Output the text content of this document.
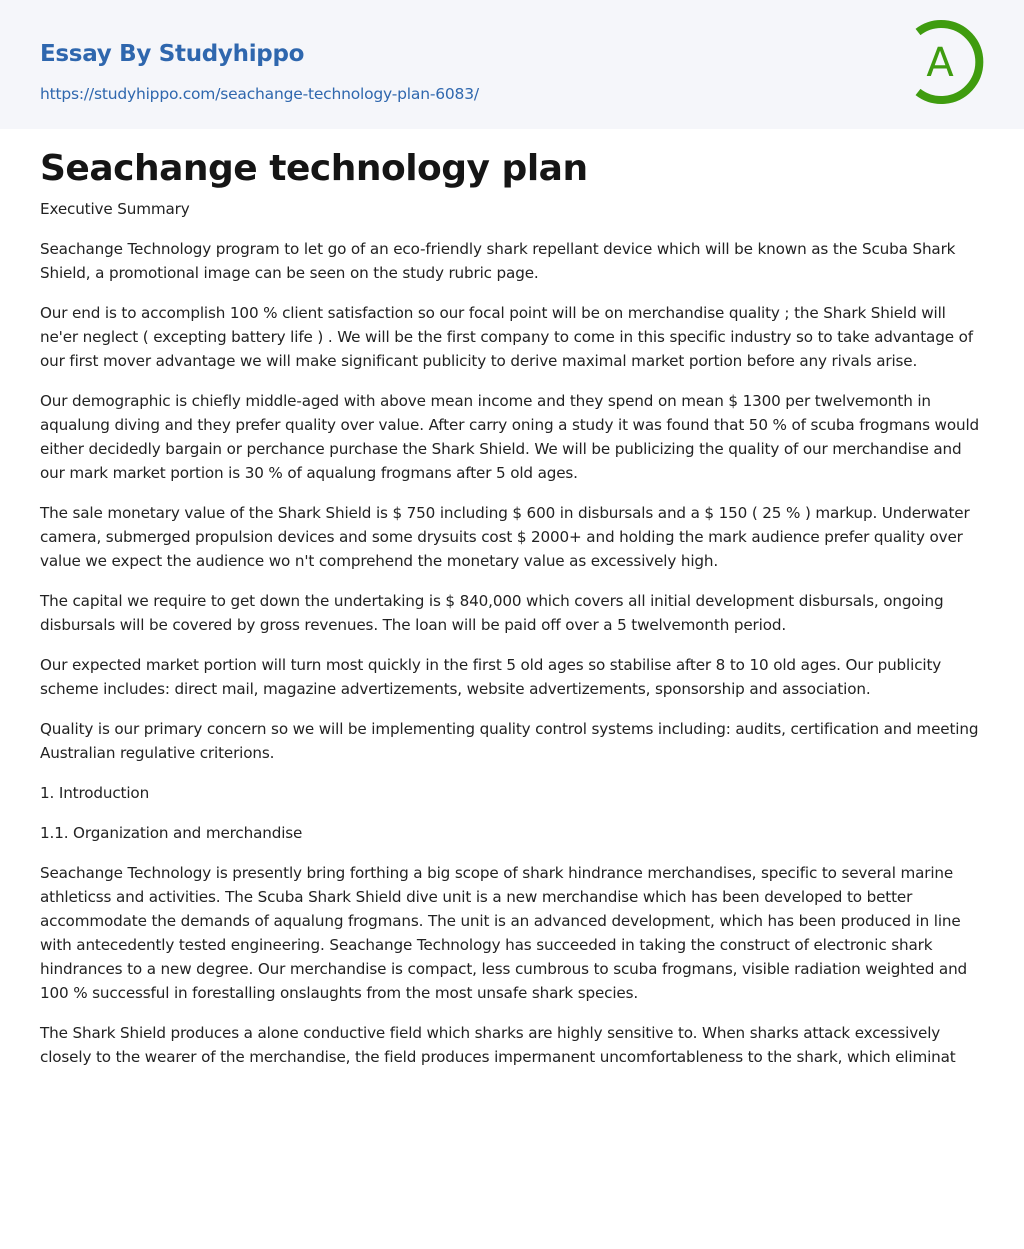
Essay By Studyhippo
https://studyhippo.com/seachange-technology-plan-6083/
A
Seachange technology plan

Executive Summary

Seachange Technology program to let go of an eco-friendly shark repellant device which will be known as the Scuba Shark Shield, a promotional image can be seen on the study rubric page.

Our end is to accomplish 100 % client satisfaction so our focal point will be on merchandise quality ; the Shark Shield will ne'er neglect ( excepting battery life ) . We will be the first company to come in this specific industry so to take advantage of our first mover advantage we will make significant publicity to derive maximal market portion before any rivals arise.

Our demographic is chiefly middle-aged with above mean income and they spend on mean $ 1300 per twelvemonth in aqualung diving and they prefer quality over value. After carry oning a study it was found that 50 % of scuba frogmans would either decidedly bargain or perchance purchase the Shark Shield. We will be publicizing the quality of our merchandise and our mark market portion is 30 % of aqualung frogmans after 5 old ages.

The sale monetary value of the Shark Shield is $ 750 including $ 600 in disbursals and a $ 150 ( 25 % ) markup. Underwater camera, submerged propulsion devices and some drysuits cost $ 2000+ and holding the mark audience prefer quality over value we expect the audience wo n't comprehend the monetary value as excessively high.

The capital we require to get down the undertaking is $ 840,000 which covers all initial development disbursals, ongoing disbursals will be covered by gross revenues. The loan will be paid off over a 5 twelvemonth period.

Our expected market portion will turn most quickly in the first 5 old ages so stabilise after 8 to 10 old ages. Our publicity scheme includes: direct mail, magazine advertizements, website advertizements, sponsorship and association.

Quality is our primary concern so we will be implementing quality control systems including: audits, certification and meeting Australian regulative criterions.

1. Introduction

1.1. Organization and merchandise

Seachange Technology is presently bring forthing a big scope of shark hindrance merchandises, specific to several marine athleticss and activities. The Scuba Shark Shield dive unit is a new merchandise which has been developed to better accommodate the demands of aqualung frogmans. The unit is an advanced development, which has been produced in line with antecedently tested engineering. Seachange Technology has succeeded in taking the construct of electronic shark hindrances to a new degree. Our merchandise is compact, less cumbrous to scuba frogmans, visible radiation weighted and 100 % successful in forestalling onslaughts from the most unsafe shark species.

The Shark Shield produces a alone conductive field which sharks are highly sensitive to. When sharks attack excessively closely to the wearer of the merchandise, the field produces impermanent uncomfortableness to the shark, which eliminat
